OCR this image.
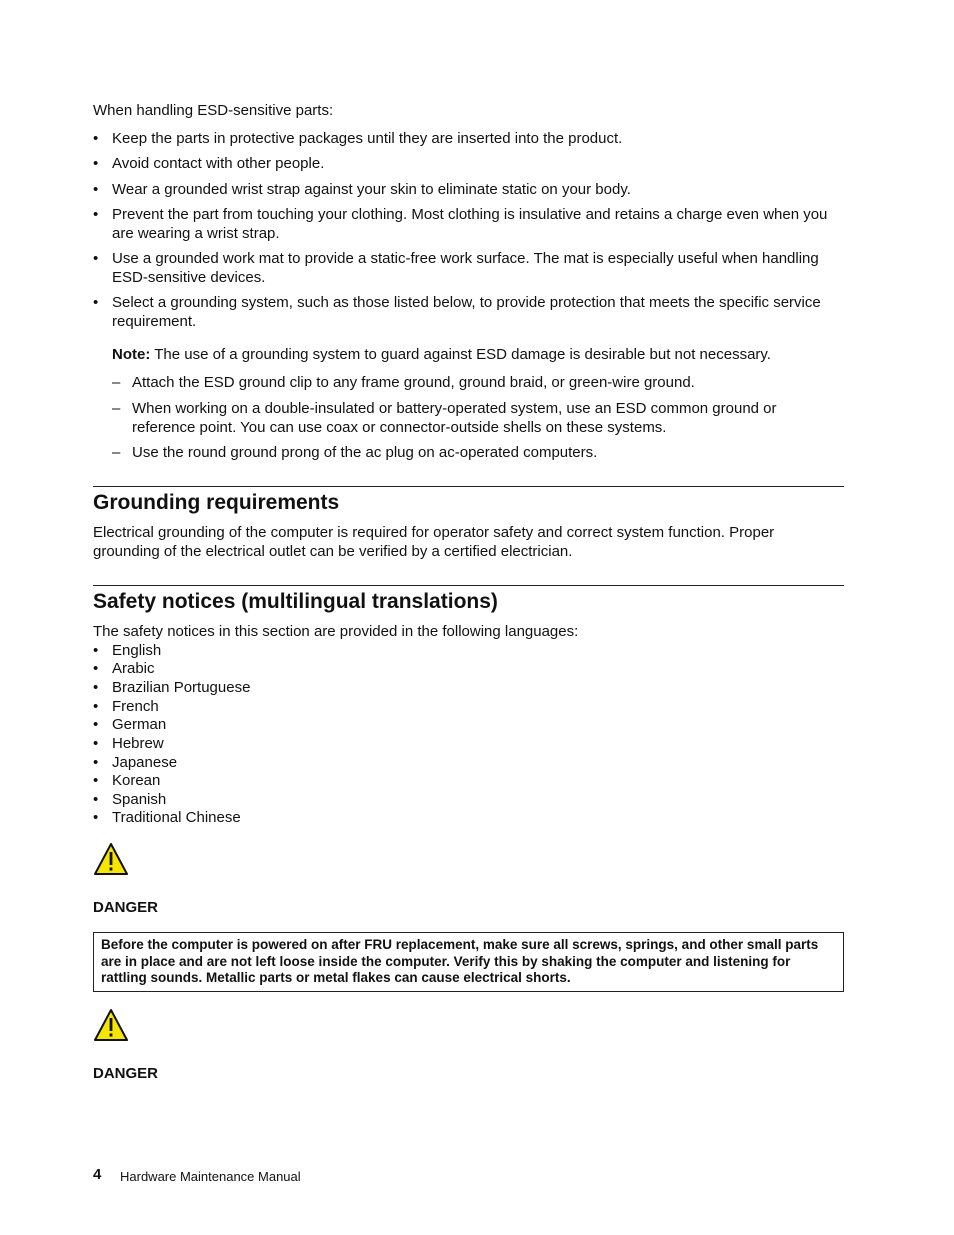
When handling ESD-sensitive parts:
• Keep the parts in protective packages until they are inserted into the product.
• Avoid contact with other people.
• Wear a grounded wrist strap against your skin to eliminate static on your body.
• Prevent the part from touching your clothing. Most clothing is insulative and retains a charge even when you are wearing a wrist strap.
• Use a grounded work mat to provide a static-free work surface. The mat is especially useful when handling ESD-sensitive devices.
• Select a grounding system, such as those listed below, to provide protection that meets the specific service requirement.
Note: The use of a grounding system to guard against ESD damage is desirable but not necessary.
– Attach the ESD ground clip to any frame ground, ground braid, or green-wire ground.
– When working on a double-insulated or battery-operated system, use an ESD common ground or reference point. You can use coax or connector-outside shells on these systems.
– Use the round ground prong of the ac plug on ac-operated computers.
Grounding requirements
Electrical grounding of the computer is required for operator safety and correct system function. Proper grounding of the electrical outlet can be verified by a certified electrician.
Safety notices (multilingual translations)
The safety notices in this section are provided in the following languages:
• English
• Arabic
• Brazilian Portuguese
• French
• German
• Hebrew
• Japanese
• Korean
• Spanish
• Traditional Chinese
DANGER
Before the computer is powered on after FRU replacement, make sure all screws, springs, and other small parts are in place and are not left loose inside the computer. Verify this by shaking the computer and listening for rattling sounds. Metallic parts or metal flakes can cause electrical shorts.
DANGER
4 Hardware Maintenance Manual
